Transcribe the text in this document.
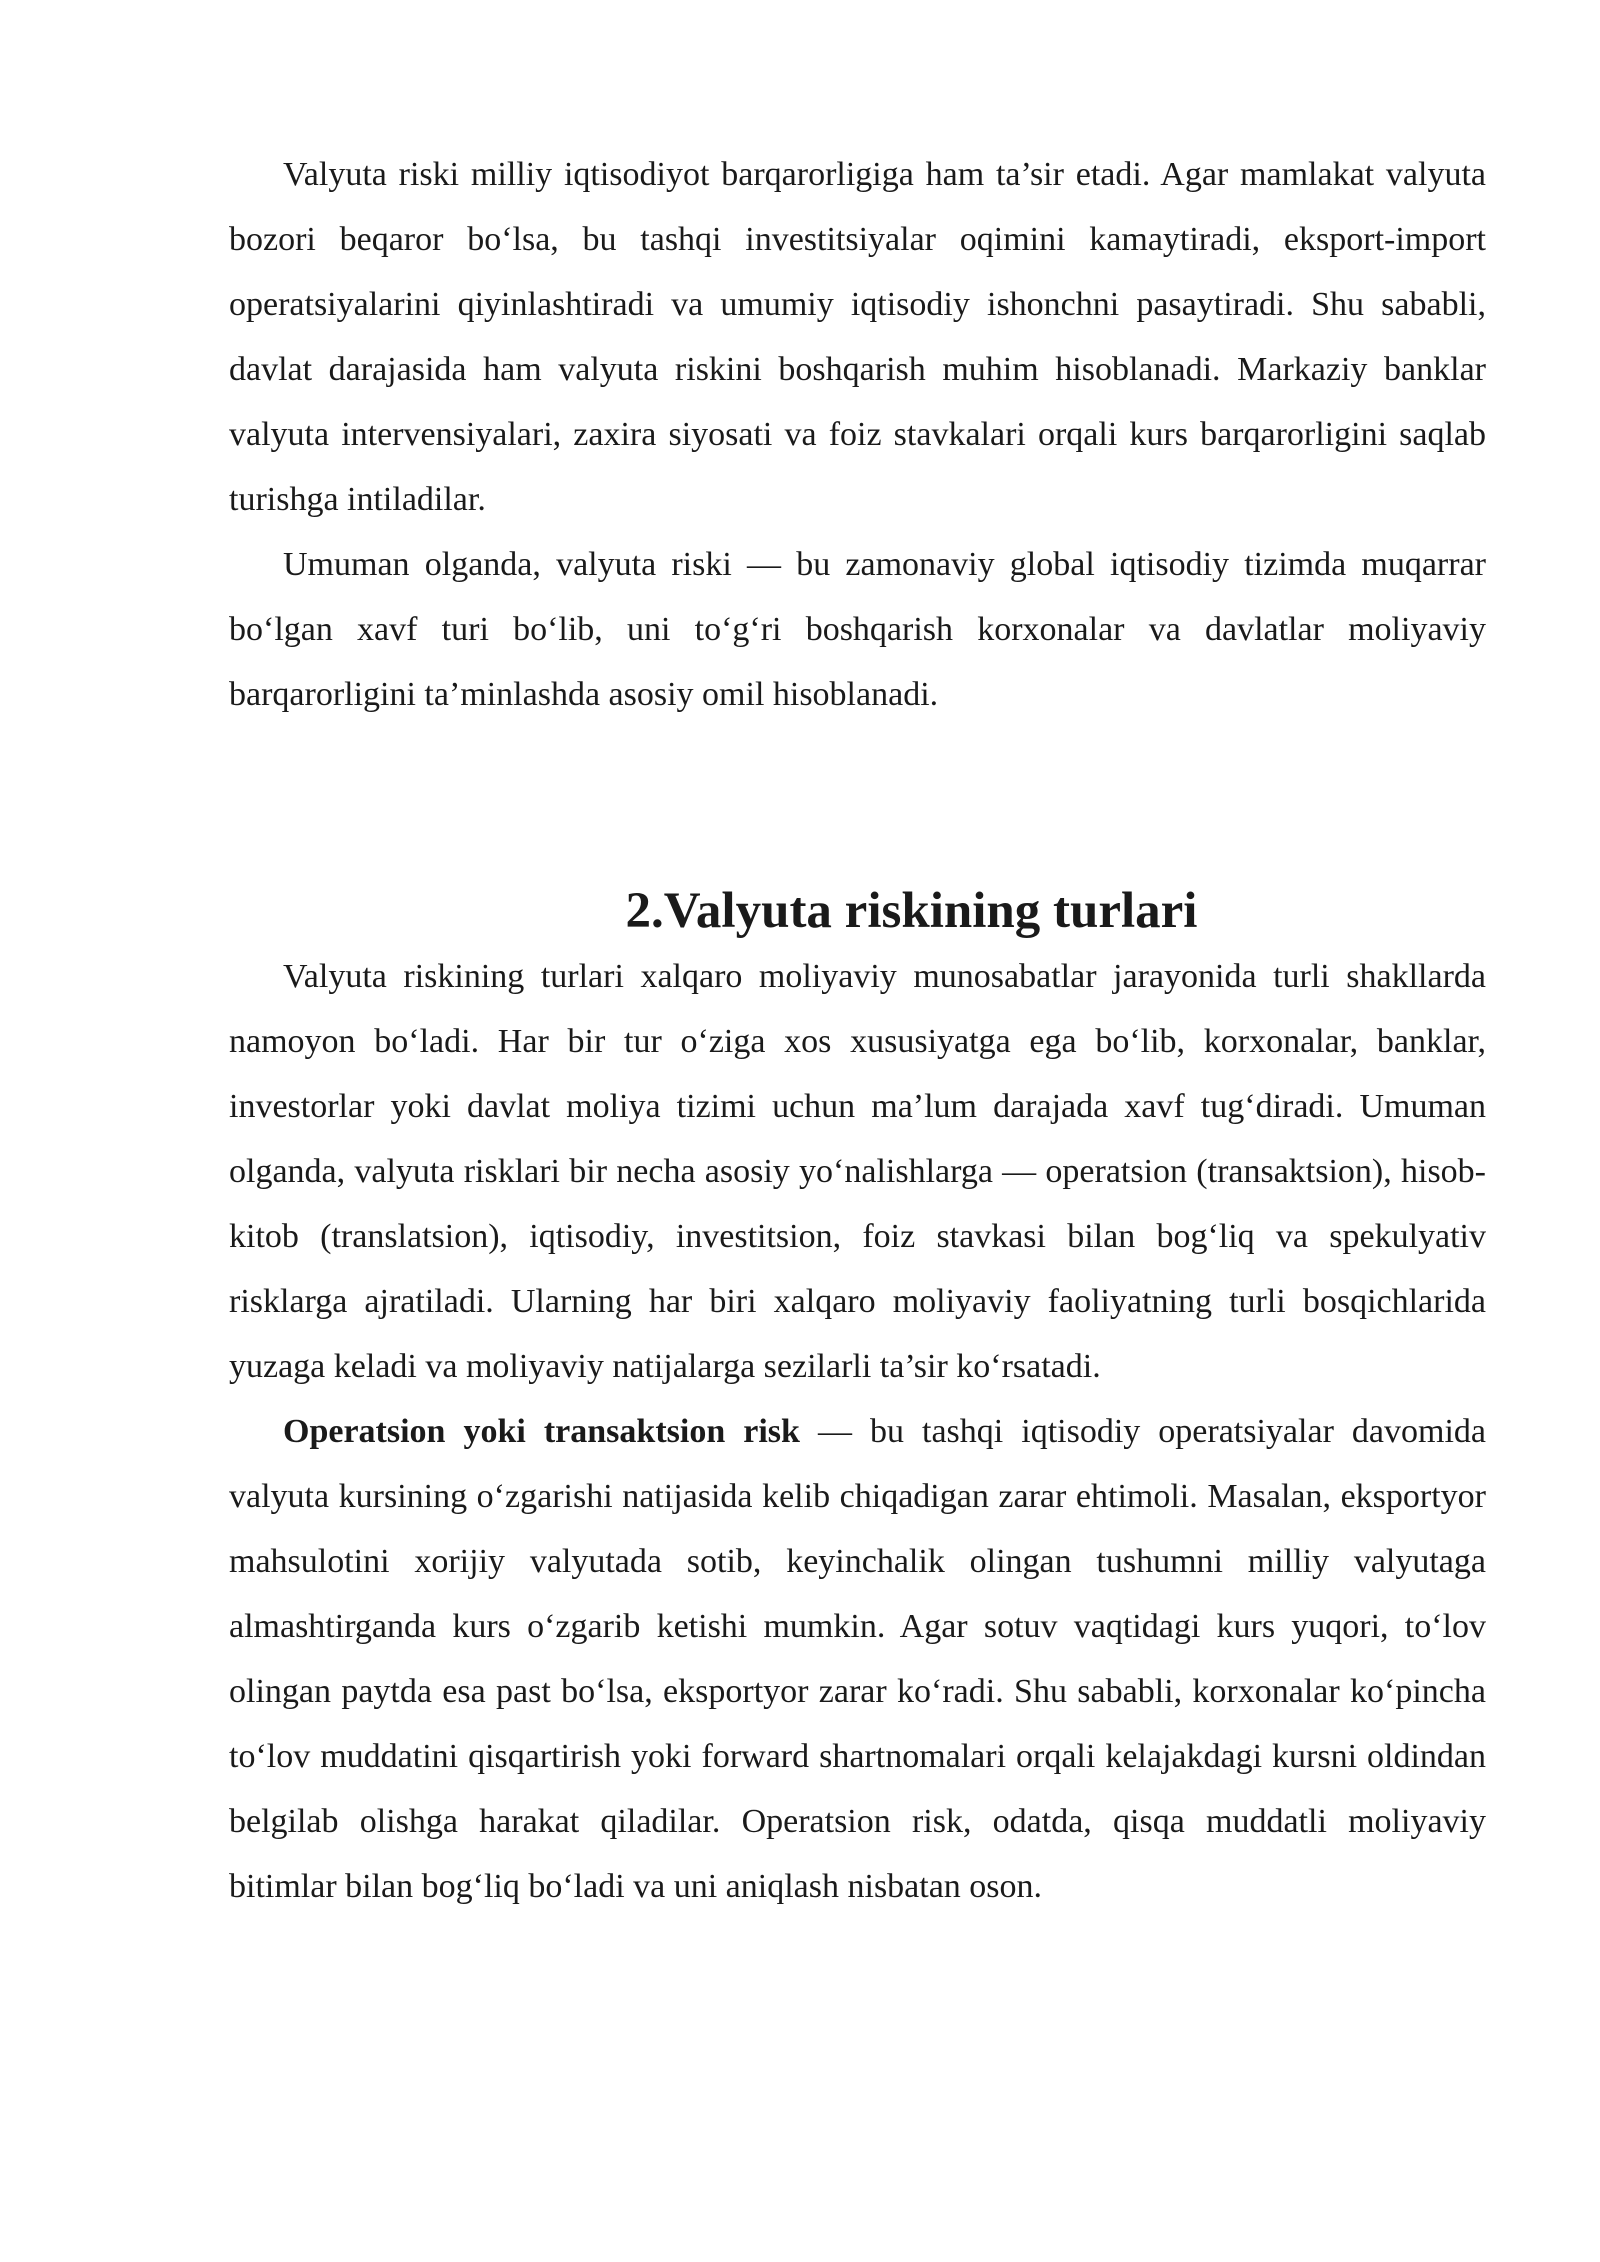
Valyuta riski milliy iqtisodiyot barqarorligiga ham ta’sir etadi. Agar mamlakat valyuta bozori beqaror bo‘lsa, bu tashqi investitsiyalar oqimini kamaytiradi, eksport-import operatsiyalarini qiyinlashtiradi va umumiy iqtisodiy ishonchni pasaytiradi. Shu sababli, davlat darajasida ham valyuta riskini boshqarish muhim hisoblanadi. Markaziy banklar valyuta intervensiyalari, zaxira siyosati va foiz stavkalari orqali kurs barqarorligini saqlab turishga intiladilar.

Umuman olganda, valyuta riski — bu zamonaviy global iqtisodiy tizimda muqarrar bo‘lgan xavf turi bo‘lib, uni to‘g‘ri boshqarish korxonalar va davlatlar moliyaviy barqarorligini ta’minlashda asosiy omil hisoblanadi.

2.Valyuta riskining turlari

Valyuta riskining turlari xalqaro moliyaviy munosabatlar jarayonida turli shakllarda namoyon bo‘ladi. Har bir tur o‘ziga xos xususiyatga ega bo‘lib, korxonalar, banklar, investorlar yoki davlat moliya tizimi uchun ma’lum darajada xavf tug‘diradi. Umuman olganda, valyuta risklari bir necha asosiy yo‘nalishlarga — operatsion (transaktsion), hisob-kitob (translatsion), iqtisodiy, investitsion, foiz stavkasi bilan bog‘liq va spekulyativ risklarga ajratiladi. Ularning har biri xalqaro moliyaviy faoliyatning turli bosqichlarida yuzaga keladi va moliyaviy natijalarga sezilarli ta’sir ko‘rsatadi.

Operatsion yoki transaktsion risk — bu tashqi iqtisodiy operatsiyalar davomida valyuta kursining o‘zgarishi natijasida kelib chiqadigan zarar ehtimoli. Masalan, eksportyor mahsulotini xorijiy valyutada sotib, keyinchalik olingan tushumni milliy valyutaga almashtirganda kurs o‘zgarib ketishi mumkin. Agar sotuv vaqtidagi kurs yuqori, to‘lov olingan paytda esa past bo‘lsa, eksportyor zarar ko‘radi. Shu sababli, korxonalar ko‘pincha to‘lov muddatini qisqartirish yoki forward shartnomalari orqali kelajakdagi kursni oldindan belgilab olishga harakat qiladilar. Operatsion risk, odatda, qisqa muddatli moliyaviy bitimlar bilan bog‘liq bo‘ladi va uni aniqlash nisbatan oson.
